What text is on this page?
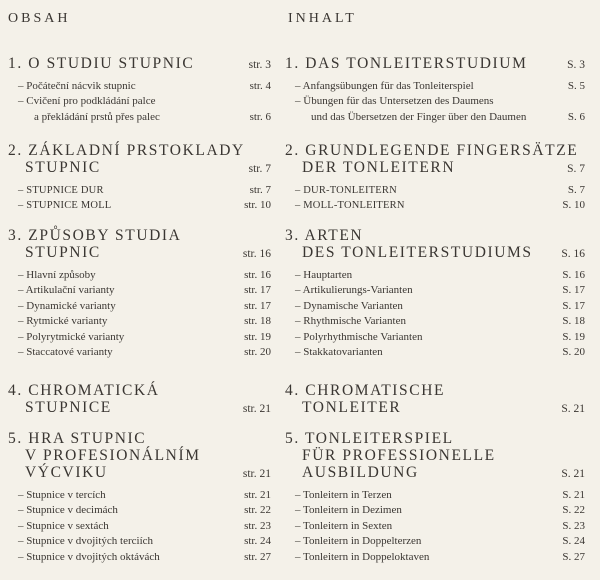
OBSAH
1. O STUDIU STUPNIC	str. 3
– Počáteční nácvik stupnic	str. 4
– Cvičení pro podkládání palce
a překládání prstů přes palec	str. 6
2. ZÁKLADNÍ PRSTOKLADY
STUPNIC	str. 7
– STUPNICE DUR	str. 7
– STUPNICE MOLL	str. 10
3. ZPŮSOBY STUDIA
STUPNIC	str. 16
– Hlavní způsoby	str. 16
– Artikulační varianty	str. 17
– Dynamické varianty	str. 17
– Rytmické varianty	str. 18
– Polyrytmické varianty	str. 19
– Staccatové varianty	str. 20
4. CHROMATICKÁ
STUPNICE	str. 21
5. HRA STUPNIC
V PROFESIONÁLNÍM
VÝCVIKU	str. 21
– Stupnice v tercích	str. 21
– Stupnice v decimách	str. 22
– Stupnice v sextách	str. 23
– Stupnice v dvojitých terciích	str. 24
– Stupnice v dvojitých oktávách	str. 27
INHALT
1. DAS TONLEITERSTUDIUM	S. 3
– Anfangsübungen für das Tonleiterspiel	S. 5
– Übungen für das Untersetzen des Daumens
und das Übersetzen der Finger über den Daumen	S. 6
2. GRUNDLEGENDE FINGERSÄTZE
DER TONLEITERN	S. 7
– DUR-TONLEITERN	S. 7
– MOLL-TONLEITERN	S. 10
3. ARTEN
DES TONLEITERSTUDIUMS	S. 16
– Hauptarten	S. 16
– Artikulierungs-Varianten	S. 17
– Dynamische Varianten	S. 17
– Rhythmische Varianten	S. 18
– Polyrhythmische Varianten	S. 19
– Stakkatovarianten	S. 20
4. CHROMATISCHE
TONLEITER	S. 21
5. TONLEITERSPIEL
FÜR PROFESSIONELLE
AUSBILDUNG	S. 21
– Tonleitern in Terzen	S. 21
– Tonleitern in Dezimen	S. 22
– Tonleitern in Sexten	S. 23
– Tonleitern in Doppelterzen	S. 24
– Tonleitern in Doppeloktaven	S. 27
